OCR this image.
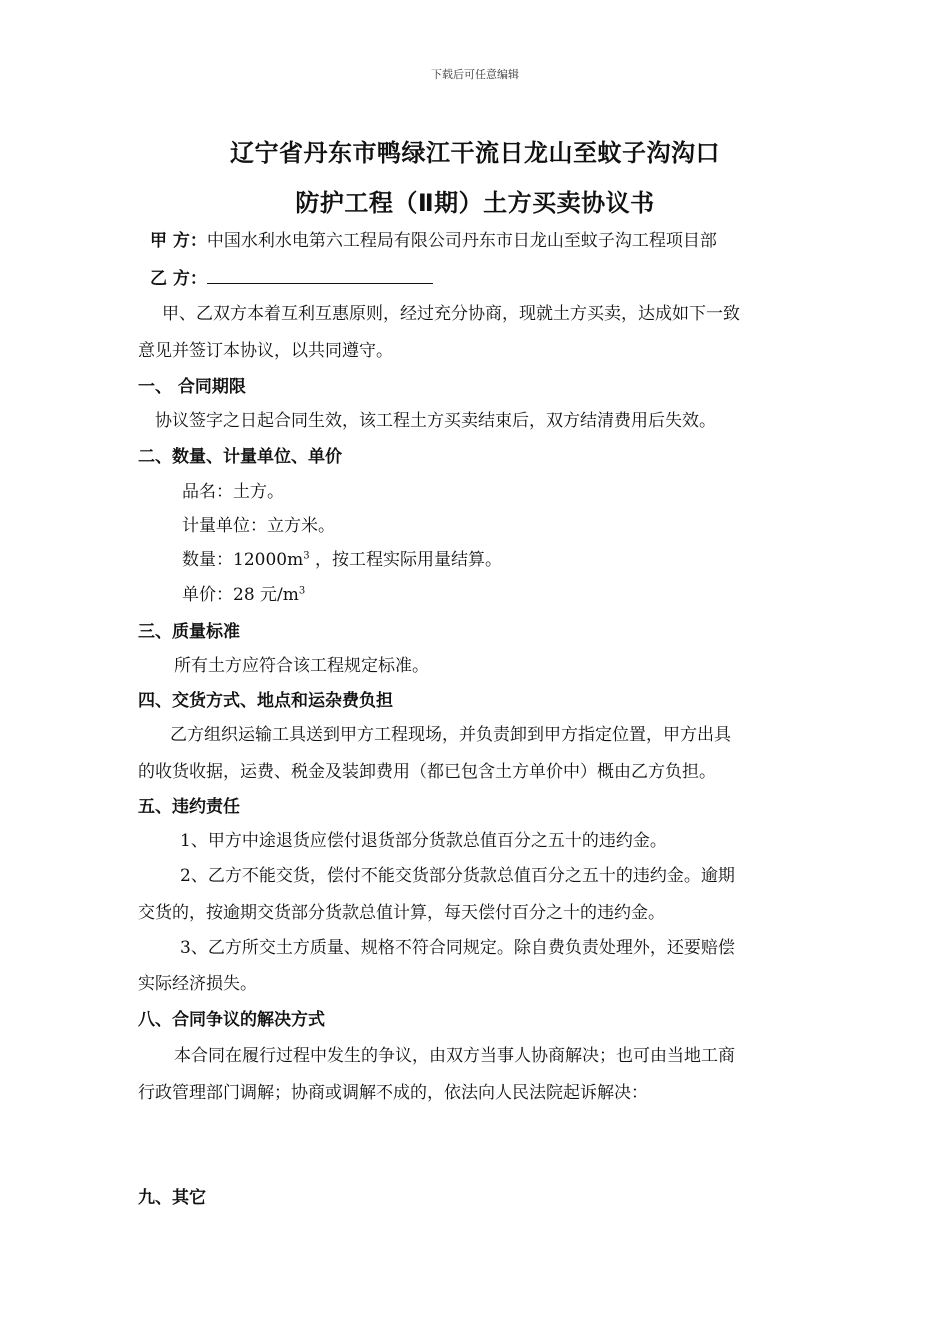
下载后可任意编辑
辽宁省丹东市鸭绿江干流日龙山至蚊子沟沟口
防护工程（Ⅱ期）土方买卖协议书
甲 方：中国水利水电第六工程局有限公司丹东市日龙山至蚊子沟工程项目部
乙 方：
甲、乙双方本着互利互惠原则，经过充分协商，现就土方买卖，达成如下一致
意见并签订本协议，以共同遵守。
一、 合同期限
协议签字之日起合同生效，该工程土方买卖结束后，双方结清费用后失效。
二、数量、计量单位、单价
品名：土方。
计量单位：立方米。
数量：$12000m^3$ ，按工程实际用量结算。
单价：28 元$/m^3$
三、质量标准
所有土方应符合该工程规定标准。
四、交货方式、地点和运杂费负担
乙方组织运输工具送到甲方工程现场，并负责卸到甲方指定位置，甲方出具
的收货收据，运费、税金及装卸费用（都已包含土方单价中）概由乙方负担。
五、违约责任
1、甲方中途退货应偿付退货部分货款总值百分之五十的违约金。
2、乙方不能交货，偿付不能交货部分货款总值百分之五十的违约金。逾期
交货的，按逾期交货部分货款总值计算，每天偿付百分之十的违约金。
3、乙方所交土方质量、规格不符合同规定。除自费负责处理外，还要赔偿
实际经济损失。
八、合同争议的解决方式
本合同在履行过程中发生的争议，由双方当事人协商解决；也可由当地工商
行政管理部门调解；协商或调解不成的，依法向人民法院起诉解决：
九、其它
